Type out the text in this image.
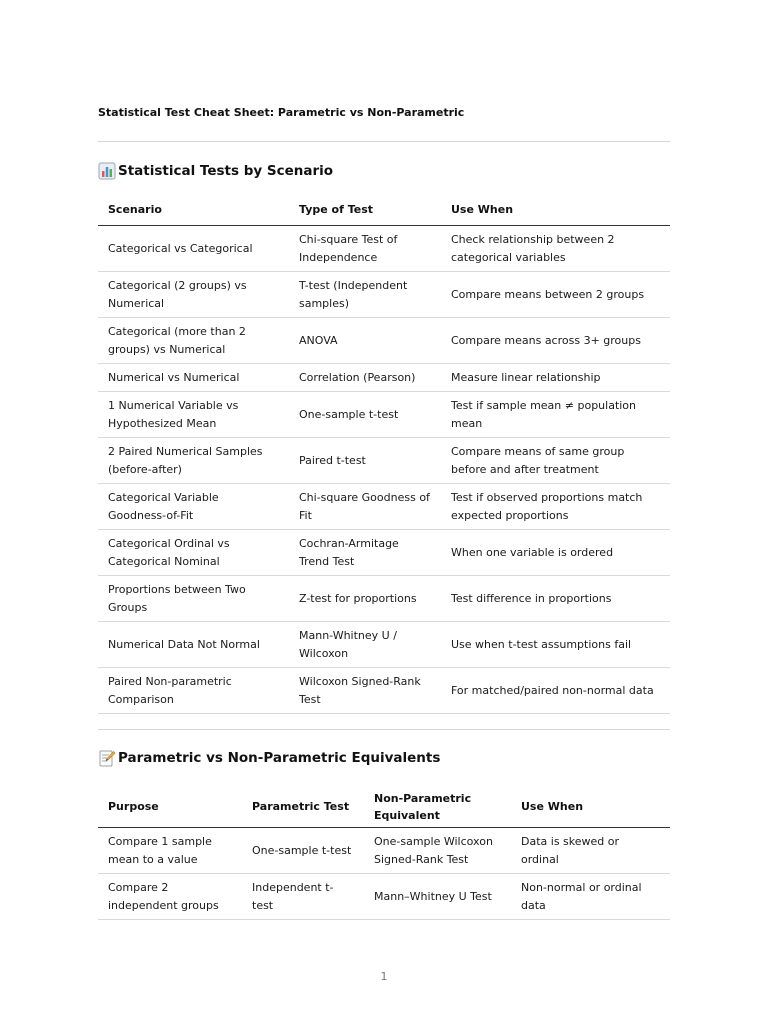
Statistical Test Cheat Sheet: Parametric vs Non-Parametric
Statistical Tests by Scenario
Scenario	Type of Test	Use When
Categorical vs Categorical	Chi-square Test of Independence	Check relationship between 2 categorical variables
Categorical (2 groups) vs Numerical	T-test (Independent samples)	Compare means between 2 groups
Categorical (more than 2 groups) vs Numerical	ANOVA	Compare means across 3+ groups
Numerical vs Numerical	Correlation (Pearson)	Measure linear relationship
1 Numerical Variable vs Hypothesized Mean	One-sample t-test	Test if sample mean ≠ population mean
2 Paired Numerical Samples (before-after)	Paired t-test	Compare means of same group before and after treatment
Categorical Variable Goodness-of-Fit	Chi-square Goodness of Fit	Test if observed proportions match expected proportions
Categorical Ordinal vs Categorical Nominal	Cochran-Armitage Trend Test	When one variable is ordered
Proportions between Two Groups	Z-test for proportions	Test difference in proportions
Numerical Data Not Normal	Mann-Whitney U / Wilcoxon	Use when t-test assumptions fail
Paired Non-parametric Comparison	Wilcoxon Signed-Rank Test	For matched/paired non-normal data
Parametric vs Non-Parametric Equivalents
Purpose	Parametric Test	Non-Parametric Equivalent	Use When
Compare 1 sample mean to a value	One-sample t-test	One-sample Wilcoxon Signed-Rank Test	Data is skewed or ordinal
Compare 2 independent groups	Independent t-test	Mann–Whitney U Test	Non-normal or ordinal data
1
